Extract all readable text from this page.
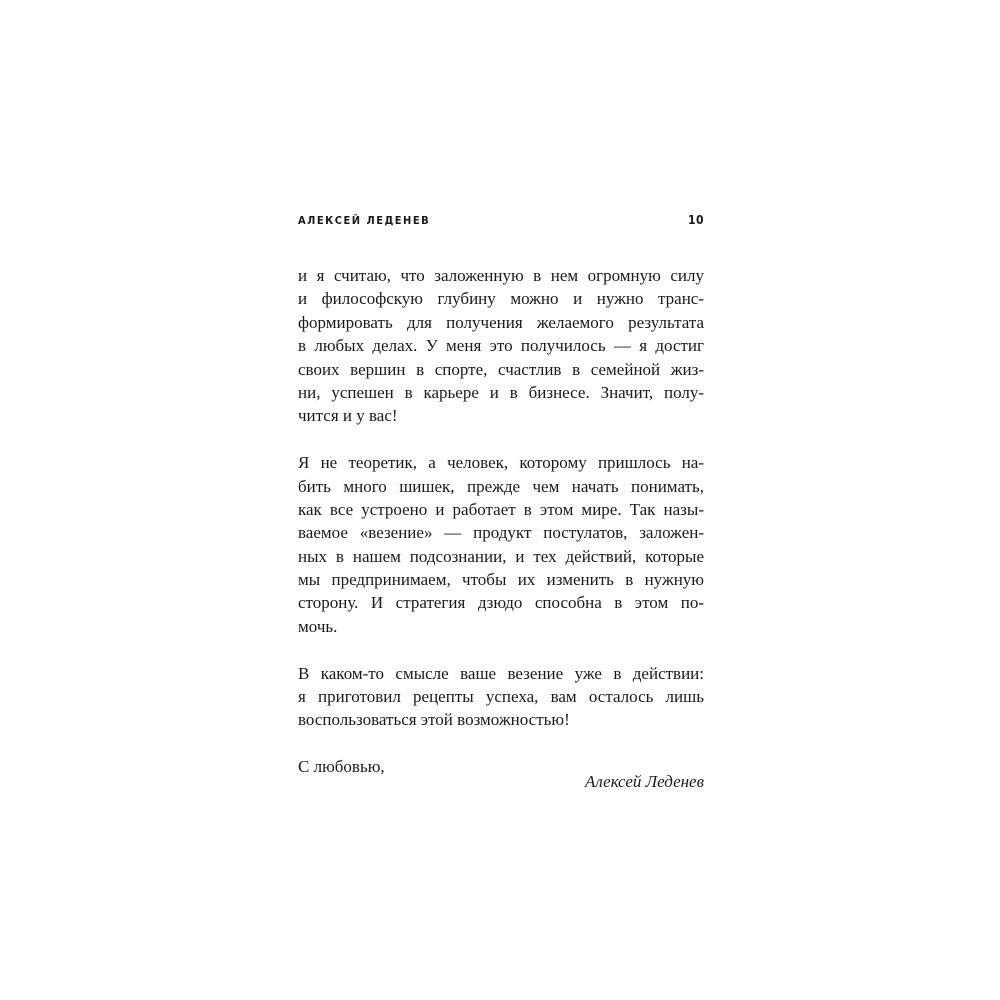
АЛЕКСЕЙ ЛЕДЕНЕВ	10
и я считаю, что заложенную в нем огромную силу
и философскую глубину можно и нужно транс-
формировать для получения желаемого результата
в любых делах. У меня это получилось — я достиг
своих вершин в спорте, счастлив в семейной жиз-
ни, успешен в карьере и в бизнесе. Значит, полу-
чится и у вас!
Я не теоретик, а человек, которому пришлось на-
бить много шишек, прежде чем начать понимать,
как все устроено и работает в этом мире. Так назы-
ваемое «везение» — продукт постулатов, заложен-
ных в нашем подсознании, и тех действий, которые
мы предпринимаем, чтобы их изменить в нужную
сторону. И стратегия дзюдо способна в этом по-
мочь.
В каком-то смысле ваше везение уже в действии:
я приготовил рецепты успеха, вам осталось лишь
воспользоваться этой возможностью!
С любовью,
Алексей Леденев
